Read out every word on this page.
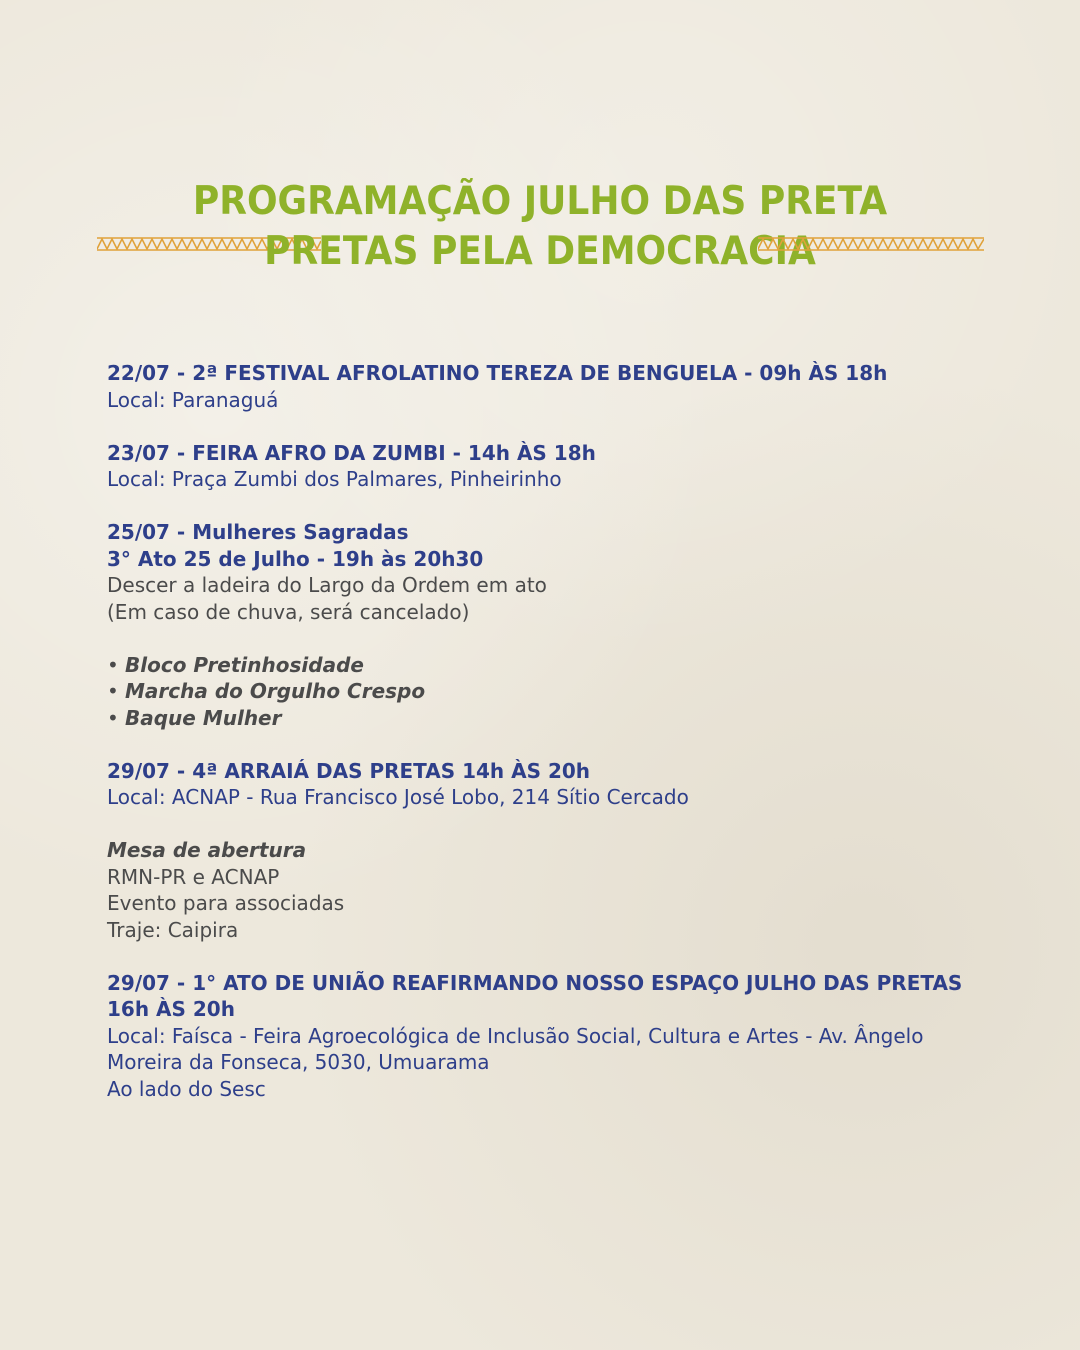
PROGRAMAÇÃO JULHO DAS PRETA
PRETAS PELA DEMOCRACIA
22/07 - 2ª FESTIVAL AFROLATINO TEREZA DE BENGUELA - 09h ÀS 18h
Local: Paranaguá
23/07 - FEIRA AFRO DA ZUMBI - 14h ÀS 18h
Local: Praça Zumbi dos Palmares, Pinheirinho
25/07 - Mulheres Sagradas
3° Ato 25 de Julho - 19h às 20h30
Descer a ladeira do Largo da Ordem em ato
(Em caso de chuva, será cancelado)
• Bloco Pretinhosidade
• Marcha do Orgulho Crespo
• Baque Mulher
29/07 - 4ª ARRAIÁ DAS PRETAS 14h ÀS 20h
Local: ACNAP - Rua Francisco José Lobo, 214 Sítio Cercado
Mesa de abertura
RMN-PR e ACNAP
Evento para associadas
Traje: Caipira
29/07 - 1° ATO DE UNIÃO REAFIRMANDO NOSSO ESPAÇO JULHO DAS PRETAS
16h ÀS 20h
Local: Faísca - Feira Agroecológica de Inclusão Social, Cultura e Artes - Av. Ângelo
Moreira da Fonseca, 5030, Umuarama
Ao lado do Sesc
